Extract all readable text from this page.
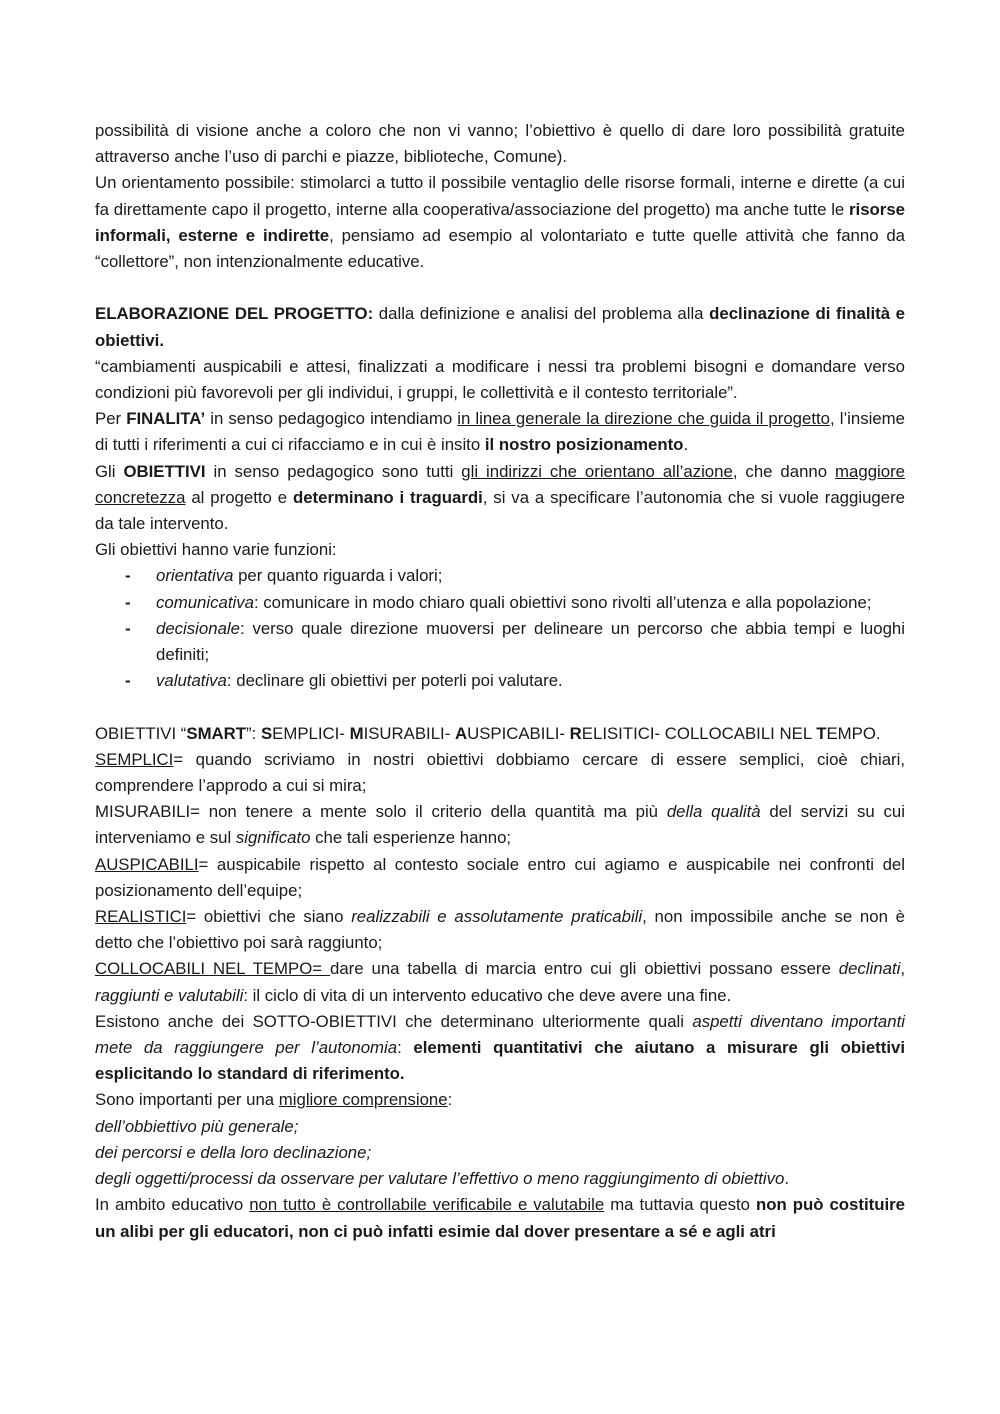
possibilità di visione anche a coloro che non vi vanno; l’obiettivo è quello di dare loro possibilità gratuite attraverso anche l’uso di parchi e piazze, biblioteche, Comune).

Un orientamento possibile: stimolarci a tutto il possibile ventaglio delle risorse formali, interne e dirette (a cui fa direttamente capo il progetto, interne alla cooperativa/associazione del progetto) ma anche tutte le risorse informali, esterne e indirette, pensiamo ad esempio al volontariato e tutte quelle attività che fanno da “collettore”, non intenzionalmente educative.

ELABORAZIONE DEL PROGETTO: dalla definizione e analisi del problema alla declinazione di finalità e obiettivi.

“cambiamenti auspicabili e attesi, finalizzati a modificare i nessi tra problemi bisogni e domandare verso condizioni più favorevoli per gli individui, i gruppi, le collettività e il contesto territoriale”.

Per FINALITA’ in senso pedagogico intendiamo in linea generale la direzione che guida il progetto, l’insieme di tutti i riferimenti a cui ci rifacciamo e in cui è insito il nostro posizionamento.

Gli OBIETTIVI in senso pedagogico sono tutti gli indirizzi che orientano all’azione, che danno maggiore concretezza al progetto e determinano i traguardi, si va a specificare l’autonomia che si vuole raggiugere da tale intervento.

Gli obiettivi hanno varie funzioni:

- orientativa per quanto riguarda i valori;
- comunicativa: comunicare in modo chiaro quali obiettivi sono rivolti all’utenza e alla popolazione;
- decisionale: verso quale direzione muoversi per delineare un percorso che abbia tempi e luoghi definiti;
- valutativa: declinare gli obiettivi per poterli poi valutare.

OBIETTIVI “SMART”: SEMPLICI- MISURABILI- AUSPICABILI- RELISITICI- COLLOCABILI NEL TEMPO.

SEMPLICI= quando scriviamo in nostri obiettivi dobbiamo cercare di essere semplici, cioè chiari, comprendere l’approdo a cui si mira;

MISURABILI= non tenere a mente solo il criterio della quantità ma più della qualità del servizi su cui interveniamo e sul significato che tali esperienze hanno;

AUSPICABILI= auspicabile rispetto al contesto sociale entro cui agiamo e auspicabile nei confronti del posizionamento dell’equipe;

REALISTICI= obiettivi che siano realizzabili e assolutamente praticabili, non impossibile anche se non è detto che l’obiettivo poi sarà raggiunto;

COLLOCABILI NEL TEMPO= dare una tabella di marcia entro cui gli obiettivi possano essere declinati, raggiunti e valutabili: il ciclo di vita di un intervento educativo che deve avere una fine.

Esistono anche dei SOTTO-OBIETTIVI che determinano ulteriormente quali aspetti diventano importanti mete da raggiungere per l’autonomia: elementi quantitativi che aiutano a misurare gli obiettivi esplicitando lo standard di riferimento.

Sono importanti per una migliore comprensione:

dell’obbiettivo più generale;

dei percorsi e della loro declinazione;

degli oggetti/processi da osservare per valutare l’effettivo o meno raggiungimento di obiettivo.

In ambito educativo non tutto è controllabile verificabile e valutabile ma tuttavia questo non può costituire un alibi per gli educatori, non ci può infatti esimie dal dover presentare a sé e agli atri
